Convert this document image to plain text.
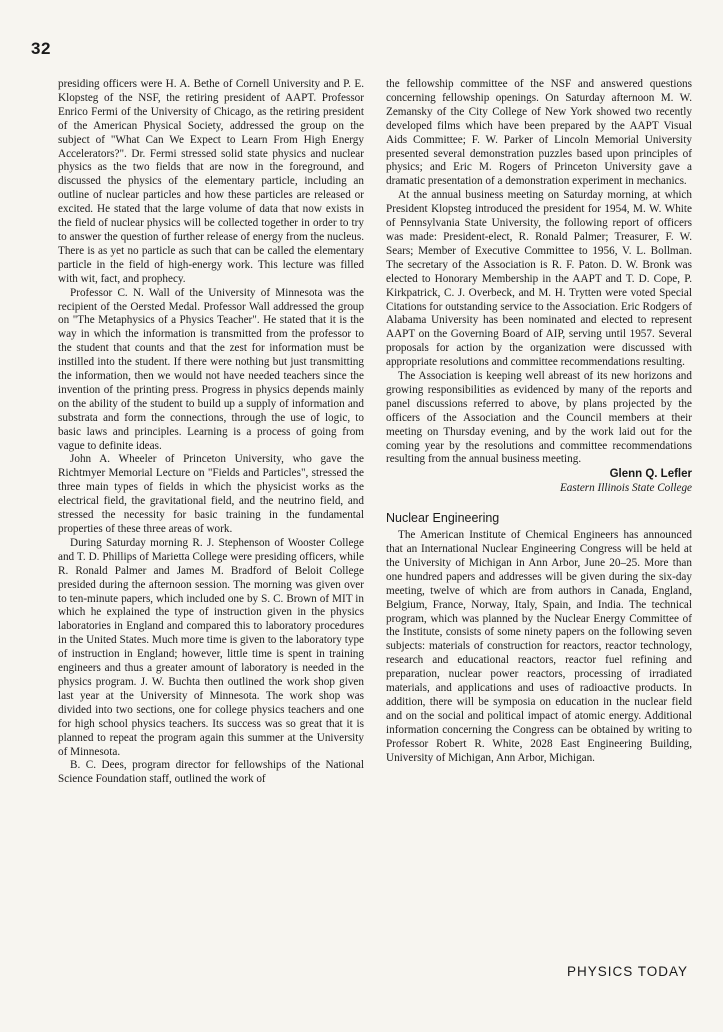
32

presiding officers were H. A. Bethe of Cornell University and P. E. Klopsteg of the NSF, the retiring president of AAPT. Professor Enrico Fermi of the University of Chicago, as the retiring president of the American Physical Society, addressed the group on the subject of "What Can We Expect to Learn From High Energy Accelerators?". Dr. Fermi stressed solid state physics and nuclear physics as the two fields that are now in the foreground, and discussed the physics of the elementary particle, including an outline of nuclear particles and how these particles are released or excited. He stated that the large volume of data that now exists in the field of nuclear physics will be collected together in order to try to answer the question of further release of energy from the nucleus. There is as yet no particle as such that can be called the elementary particle in the field of high-energy work. This lecture was filled with wit, fact, and prophecy.

Professor C. N. Wall of the University of Minnesota was the recipient of the Oersted Medal. Professor Wall addressed the group on "The Metaphysics of a Physics Teacher". He stated that it is the way in which the information is transmitted from the professor to the student that counts and that the zest for information must be instilled into the student. If there were nothing but just transmitting the information, then we would not have needed teachers since the invention of the printing press. Progress in physics depends mainly on the ability of the student to build up a supply of information and substrata and form the connections, through the use of logic, to basic laws and principles. Learning is a process of going from vague to definite ideas.

John A. Wheeler of Princeton University, who gave the Richtmyer Memorial Lecture on "Fields and Particles", stressed the three main types of fields in which the physicist works as the electrical field, the gravitational field, and the neutrino field, and stressed the necessity for basic training in the fundamental properties of these three areas of work.

During Saturday morning R. J. Stephenson of Wooster College and T. D. Phillips of Marietta College were presiding officers, while R. Ronald Palmer and James M. Bradford of Beloit College presided during the afternoon session. The morning was given over to ten-minute papers, which included one by S. C. Brown of MIT in which he explained the type of instruction given in the physics laboratories in England and compared this to laboratory procedures in the United States. Much more time is given to the laboratory type of instruction in England; however, little time is spent in training engineers and thus a greater amount of laboratory is needed in the physics program. J. W. Buchta then outlined the work shop given last year at the University of Minnesota. The work shop was divided into two sections, one for college physics teachers and one for high school physics teachers. Its success was so great that it is planned to repeat the program again this summer at the University of Minnesota.

B. C. Dees, program director for fellowships of the National Science Foundation staff, outlined the work of

the fellowship committee of the NSF and answered questions concerning fellowship openings. On Saturday afternoon M. W. Zemansky of the City College of New York showed two recently developed films which have been prepared by the AAPT Visual Aids Committee; F. W. Parker of Lincoln Memorial University presented several demonstration puzzles based upon principles of physics; and Eric M. Rogers of Princeton University gave a dramatic presentation of a demonstration experiment in mechanics.

At the annual business meeting on Saturday morning, at which President Klopsteg introduced the president for 1954, M. W. White of Pennsylvania State University, the following report of officers was made: President-elect, R. Ronald Palmer; Treasurer, F. W. Sears; Member of Executive Committee to 1956, V. L. Bollman. The secretary of the Association is R. F. Paton. D. W. Bronk was elected to Honorary Membership in the AAPT and T. D. Cope, P. Kirkpatrick, C. J. Overbeck, and M. H. Trytten were voted Special Citations for outstanding service to the Association. Eric Rodgers of Alabama University has been nominated and elected to represent AAPT on the Governing Board of AIP, serving until 1957. Several proposals for action by the organization were discussed with appropriate resolutions and committee recommendations resulting.

The Association is keeping well abreast of its new horizons and growing responsibilities as evidenced by many of the reports and panel discussions referred to above, by plans projected by the officers of the Association and the Council members at their meeting on Thursday evening, and by the work laid out for the coming year by the resolutions and committee recommendations resulting from the annual business meeting.

Glenn Q. Lefler
Eastern Illinois State College
Nuclear Engineering

The American Institute of Chemical Engineers has announced that an International Nuclear Engineering Congress will be held at the University of Michigan in Ann Arbor, June 20–25. More than one hundred papers and addresses will be given during the six-day meeting, twelve of which are from authors in Canada, England, Belgium, France, Norway, Italy, Spain, and India. The technical program, which was planned by the Nuclear Energy Committee of the Institute, consists of some ninety papers on the following seven subjects: materials of construction for reactors, reactor technology, research and educational reactors, reactor fuel refining and preparation, nuclear power reactors, processing of irradiated materials, and applications and uses of radioactive products. In addition, there will be symposia on education in the nuclear field and on the social and political impact of atomic energy. Additional information concerning the Congress can be obtained by writing to Professor Robert R. White, 2028 East Engineering Building, University of Michigan, Ann Arbor, Michigan.

PHYSICS TODAY
